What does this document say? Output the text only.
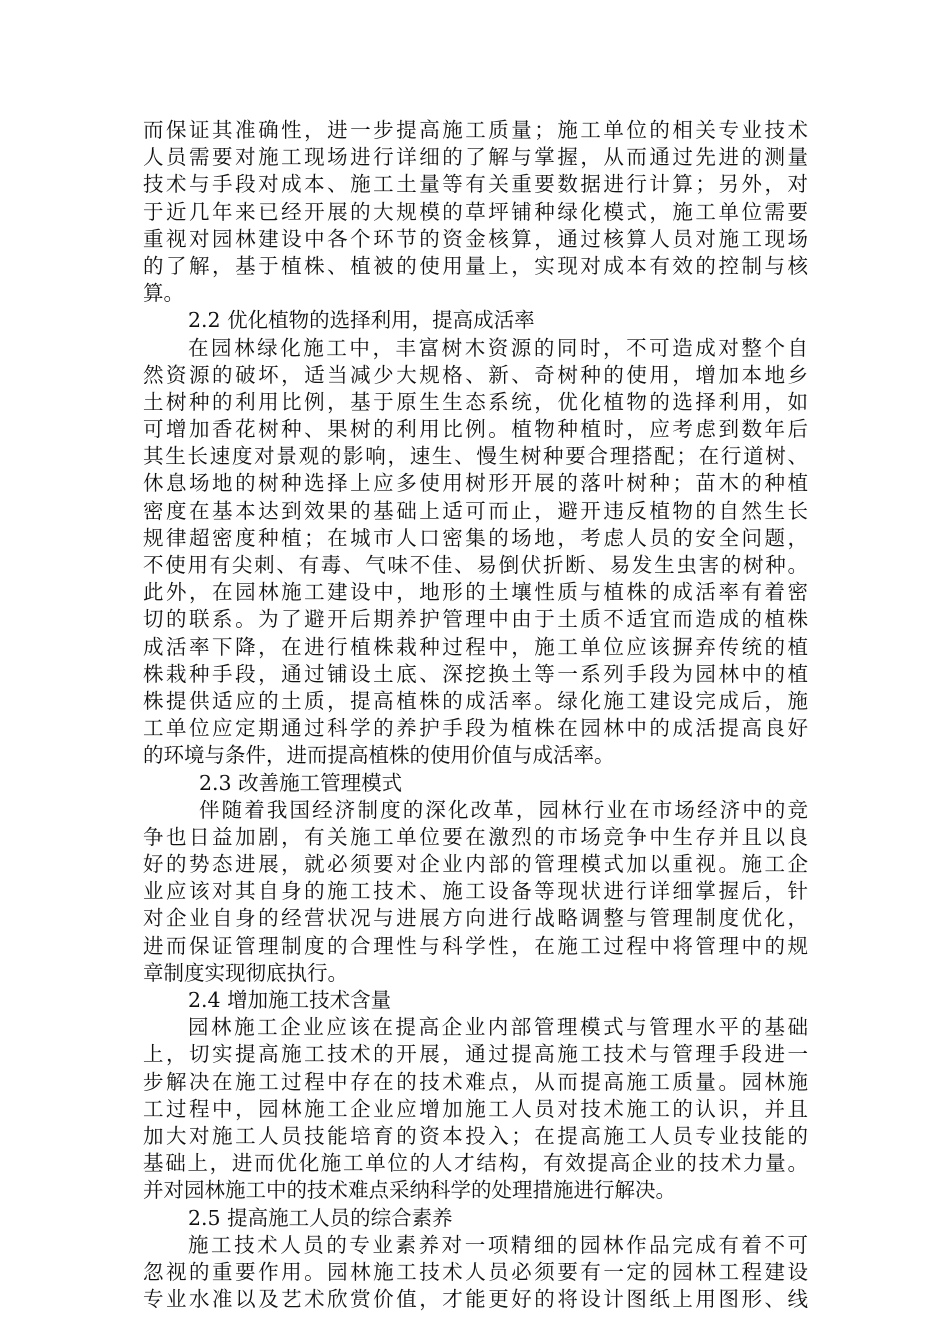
而保证其准确性，进一步提高施工质量；施工单位的相关专业技术
人员需要对施工现场进行详细的了解与掌握，从而通过先进的测量
技术与手段对成本、施工土量等有关重要数据进行计算；另外，对
于近几年来已经开展的大规模的草坪铺种绿化模式，施工单位需要
重视对园林建设中各个环节的资金核算，通过核算人员对施工现场
的了解，基于植株、植被的使用量上，实现对成本有效的控制与核
算。
2.2 优化植物的选择利用，提高成活率
在园林绿化施工中，丰富树木资源的同时，不可造成对整个自
然资源的破坏，适当减少大规格、新、奇树种的使用，增加本地乡
土树种的利用比例，基于原生生态系统，优化植物的选择利用，如
可增加香花树种、果树的利用比例。植物种植时，应考虑到数年后
其生长速度对景观的影响，速生、慢生树种要合理搭配；在行道树、
休息场地的树种选择上应多使用树形开展的落叶树种；苗木的种植
密度在基本达到效果的基础上适可而止，避开违反植物的自然生长
规律超密度种植；在城市人口密集的场地，考虑人员的安全问题，
不使用有尖刺、有毒、气味不佳、易倒伏折断、易发生虫害的树种。
此外，在园林施工建设中，地形的土壤性质与植株的成活率有着密
切的联系。为了避开后期养护管理中由于土质不适宜而造成的植株
成活率下降，在进行植株栽种过程中，施工单位应该摒弃传统的植
株栽种手段，通过铺设土底、深挖换土等一系列手段为园林中的植
株提供适应的土质，提高植株的成活率。绿化施工建设完成后，施
工单位应定期通过科学的养护手段为植株在园林中的成活提高良好
的环境与条件，进而提高植株的使用价值与成活率。
2.3 改善施工管理模式
伴随着我国经济制度的深化改革，园林行业在市场经济中的竞
争也日益加剧，有关施工单位要在激烈的市场竞争中生存并且以良
好的势态进展，就必须要对企业内部的管理模式加以重视。施工企
业应该对其自身的施工技术、施工设备等现状进行详细掌握后，针
对企业自身的经营状况与进展方向进行战略调整与管理制度优化，
进而保证管理制度的合理性与科学性，在施工过程中将管理中的规
章制度实现彻底执行。
2.4 增加施工技术含量
园林施工企业应该在提高企业内部管理模式与管理水平的基础
上，切实提高施工技术的开展，通过提高施工技术与管理手段进一
步解决在施工过程中存在的技术难点，从而提高施工质量。园林施
工过程中，园林施工企业应增加施工人员对技术施工的认识，并且
加大对施工人员技能培育的资本投入；在提高施工人员专业技能的
基础上，进而优化施工单位的人才结构，有效提高企业的技术力量。
并对园林施工中的技术难点采纳科学的处理措施进行解决。
2.5 提高施工人员的综合素养
施工技术人员的专业素养对一项精细的园林作品完成有着不可
忽视的重要作用。园林施工技术人员必须要有一定的园林工程建设
专业水准以及艺术欣赏价值，才能更好的将设计图纸上用图形、线
